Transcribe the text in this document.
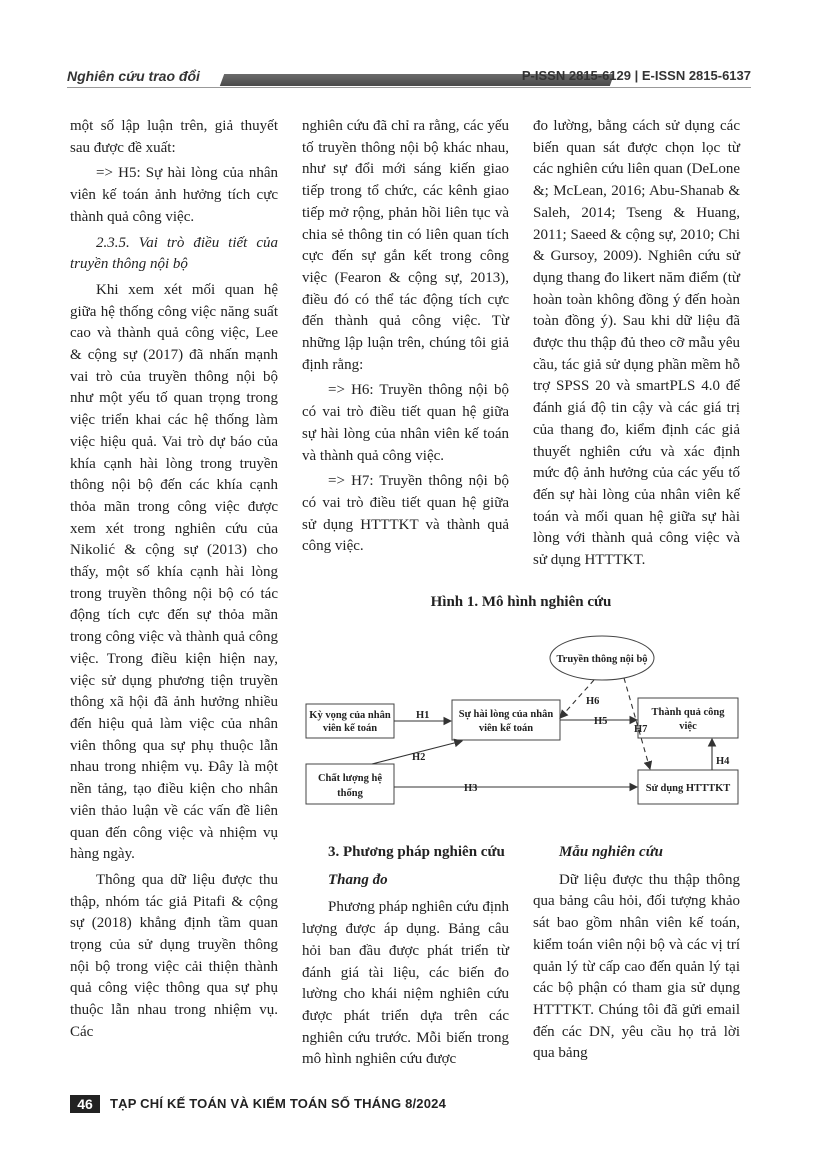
Nghiên cứu trao đổi	P-ISSN 2815-6129 | E-ISSN 2815-6137

một số lập luận trên, giả thuyết sau được đề xuất:

=> H5: Sự hài lòng của nhân viên kế toán ảnh hưởng tích cực thành quả công việc.

2.3.5. Vai trò điều tiết của truyền thông nội bộ

Khi xem xét mối quan hệ giữa hệ thống công việc năng suất cao và thành quả công việc, Lee & cộng sự (2017) đã nhấn mạnh vai trò của truyền thông nội bộ như một yếu tố quan trọng trong việc triển khai các hệ thống làm việc hiệu quả. Vai trò dự báo của khía cạnh hài lòng trong truyền thông nội bộ đến các khía cạnh thỏa mãn trong công việc được xem xét trong nghiên cứu của Nikolić & cộng sự (2013) cho thấy, một số khía cạnh hài lòng trong truyền thông nội bộ có tác động tích cực đến sự thỏa mãn trong công việc và thành quả công việc. Trong điều kiện hiện nay, việc sử dụng phương tiện truyền thông xã hội đã ảnh hưởng nhiều đến hiệu quả làm việc của nhân viên thông qua sự phụ thuộc lẫn nhau trong nhiệm vụ. Đây là một nền tảng, tạo điều kiện cho nhân viên thảo luận về các vấn đề liên quan đến công việc và nhiệm vụ hàng ngày.

Thông qua dữ liệu được thu thập, nhóm tác giả Pitafi & cộng sự (2018) khẳng định tầm quan trọng của sử dụng truyền thông nội bộ trong việc cải thiện thành quả công việc thông qua sự phụ thuộc lẫn nhau trong nhiệm vụ. Các

nghiên cứu đã chỉ ra rằng, các yếu tố truyền thông nội bộ khác nhau, như sự đổi mới sáng kiến giao tiếp trong tổ chức, các kênh giao tiếp mở rộng, phản hồi liên tục và chia sẻ thông tin có liên quan tích cực đến sự gắn kết trong công việc (Fearon & cộng sự, 2013), điều đó có thể tác động tích cực đến thành quả công việc. Từ những lập luận trên, chúng tôi giả định rằng:

=> H6: Truyền thông nội bộ có vai trò điều tiết quan hệ giữa sự hài lòng của nhân viên kế toán và thành quả công việc.

=> H7: Truyền thông nội bộ có vai trò điều tiết quan hệ giữa sử dụng HTTTKT và thành quả công việc.

đo lường, bằng cách sử dụng các biến quan sát được chọn lọc từ các nghiên cứu liên quan (DeLone &; McLean, 2016; Abu-Shanab & Saleh, 2014; Tseng & Huang, 2011; Saeed & cộng sự, 2010; Chi & Gursoy, 2009). Nghiên cứu sử dụng thang đo likert năm điểm (từ hoàn toàn không đồng ý đến hoàn toàn đồng ý). Sau khi dữ liệu đã được thu thập đủ theo cỡ mẫu yêu cầu, tác giả sử dụng phần mềm hỗ trợ SPSS 20 và smartPLS 4.0 để đánh giá độ tin cậy và các giá trị của thang đo, kiểm định các giả thuyết nghiên cứu và xác định mức độ ảnh hưởng của các yếu tố đến sự hài lòng của nhân viên kế toán và mối quan hệ giữa sự hài lòng với thành quả công việc và sử dụng HTTTKT.

Hình 1. Mô hình nghiên cứu
Kỳ vọng của nhân
viên kế toán
Chất lượng hệ
thống
Sự hài lòng của nhân
viên kế toán
Truyền thông nội bộ
Sử dụng HTTTKT
Thành quả công
việc
H1
H2
H3
H4
H5
H6
H7
3. Phương pháp nghiên cứu
Thang đo

Phương pháp nghiên cứu định lượng được áp dụng. Bảng câu hỏi ban đầu được phát triển từ đánh giá tài liệu, các biến đo lường cho khái niệm nghiên cứu được phát triển dựa trên các nghiên cứu trước. Mỗi biến trong mô hình nghiên cứu được

Mẫu nghiên cứu

Dữ liệu được thu thập thông qua bảng câu hỏi, đối tượng khảo sát bao gồm nhân viên kế toán, kiểm toán viên nội bộ và các vị trí quản lý từ cấp cao đến quản lý tại các bộ phận có tham gia sử dụng HTTTKT. Chúng tôi đã gửi email đến các DN, yêu cầu họ trả lời qua bảng

46	TẠP CHÍ KẾ TOÁN VÀ KIỂM TOÁN SỐ THÁNG 8/2024
